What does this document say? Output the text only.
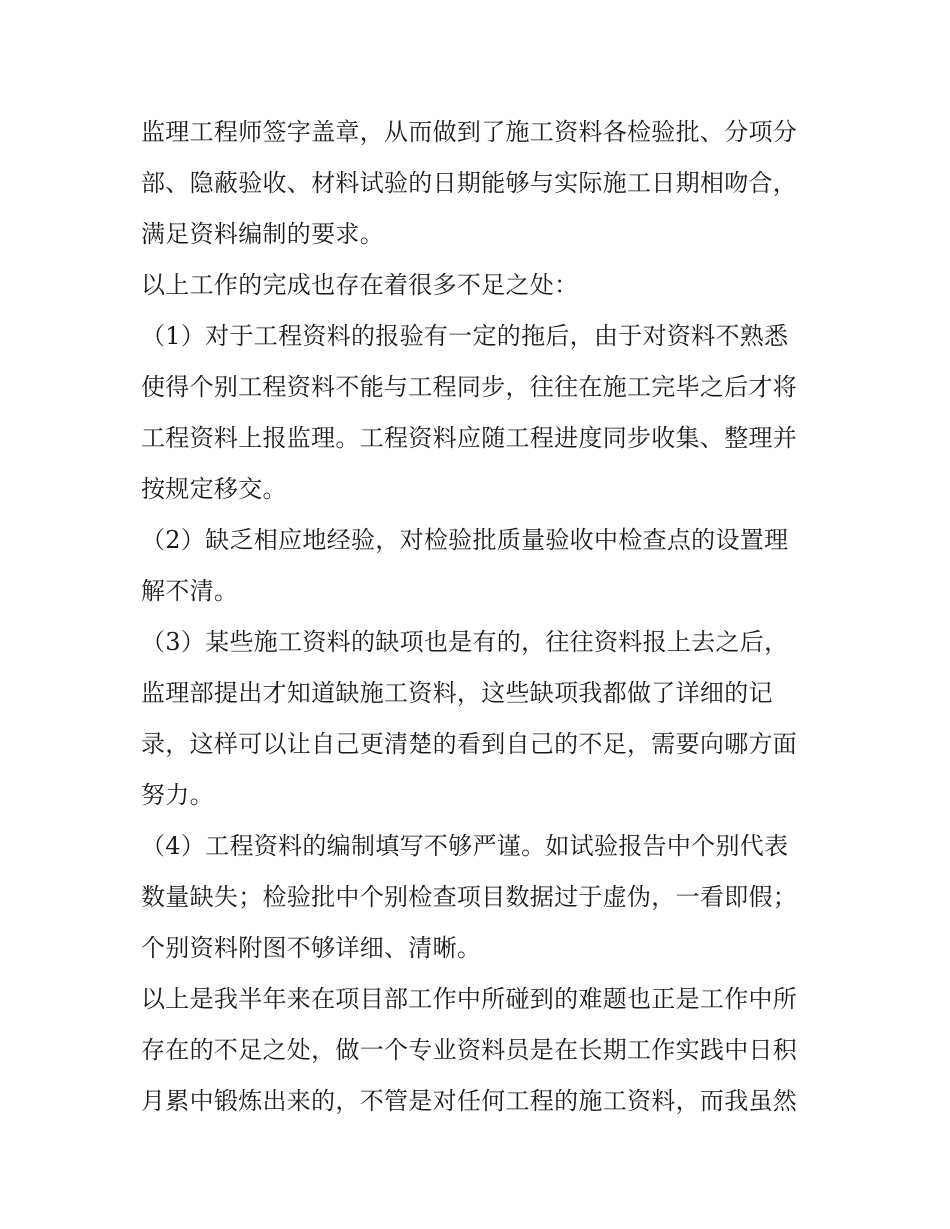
监理工程师签字盖章，从而做到了施工资料各检验批、分项分
部、隐蔽验收、材料试验的日期能够与实际施工日期相吻合，
满足资料编制的要求。
以上工作的完成也存在着很多不足之处：
（1）对于工程资料的报验有一定的拖后，由于对资料不熟悉
使得个别工程资料不能与工程同步，往往在施工完毕之后才将
工程资料上报监理。工程资料应随工程进度同步收集、整理并
按规定移交。
（2）缺乏相应地经验，对检验批质量验收中检查点的设置理
解不清。
（3）某些施工资料的缺项也是有的，往往资料报上去之后，
监理部提出才知道缺施工资料，这些缺项我都做了详细的记
录，这样可以让自己更清楚的看到自己的不足，需要向哪方面
努力。
（4）工程资料的编制填写不够严谨。如试验报告中个别代表
数量缺失；检验批中个别检查项目数据过于虚伪，一看即假；
个别资料附图不够详细、清晰。
以上是我半年来在项目部工作中所碰到的难题也正是工作中所
存在的不足之处，做一个专业资料员是在长期工作实践中日积
月累中锻炼出来的，不管是对任何工程的施工资料，而我虽然
